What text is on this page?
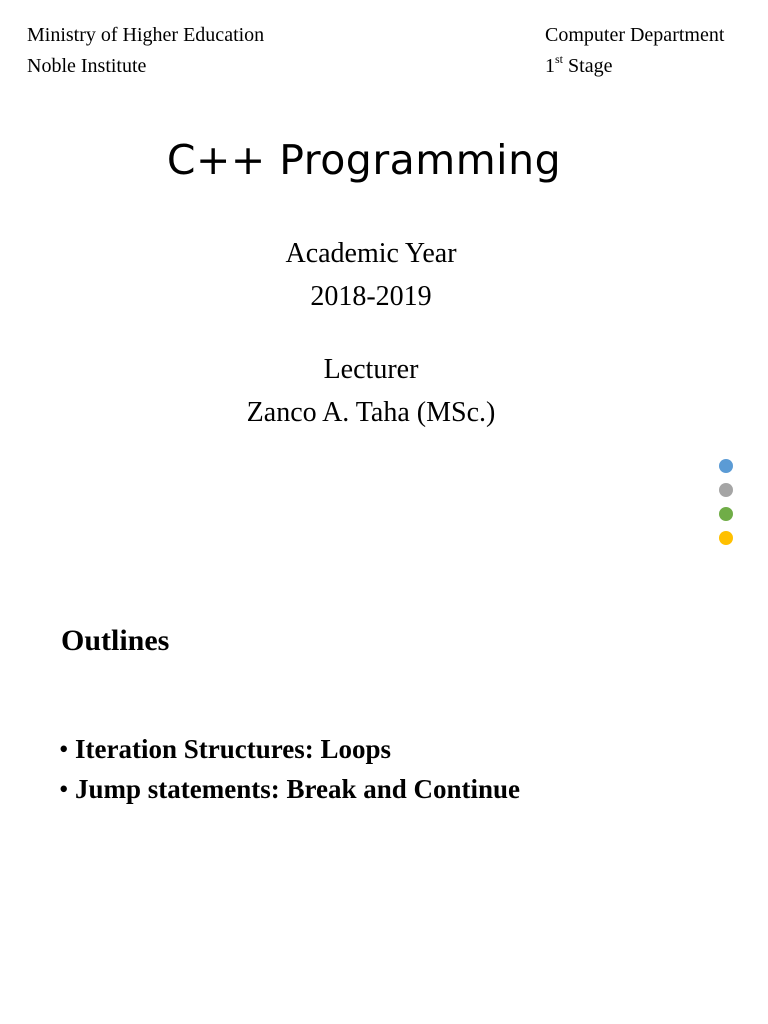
Ministry of Higher Education
Noble Institute
Computer Department
1st Stage
C++ Programming
Academic Year
2018-2019
Lecturer
Zanco A. Taha (MSc.)
Outlines
• Iteration Structures: Loops
• Jump statements: Break and Continue
